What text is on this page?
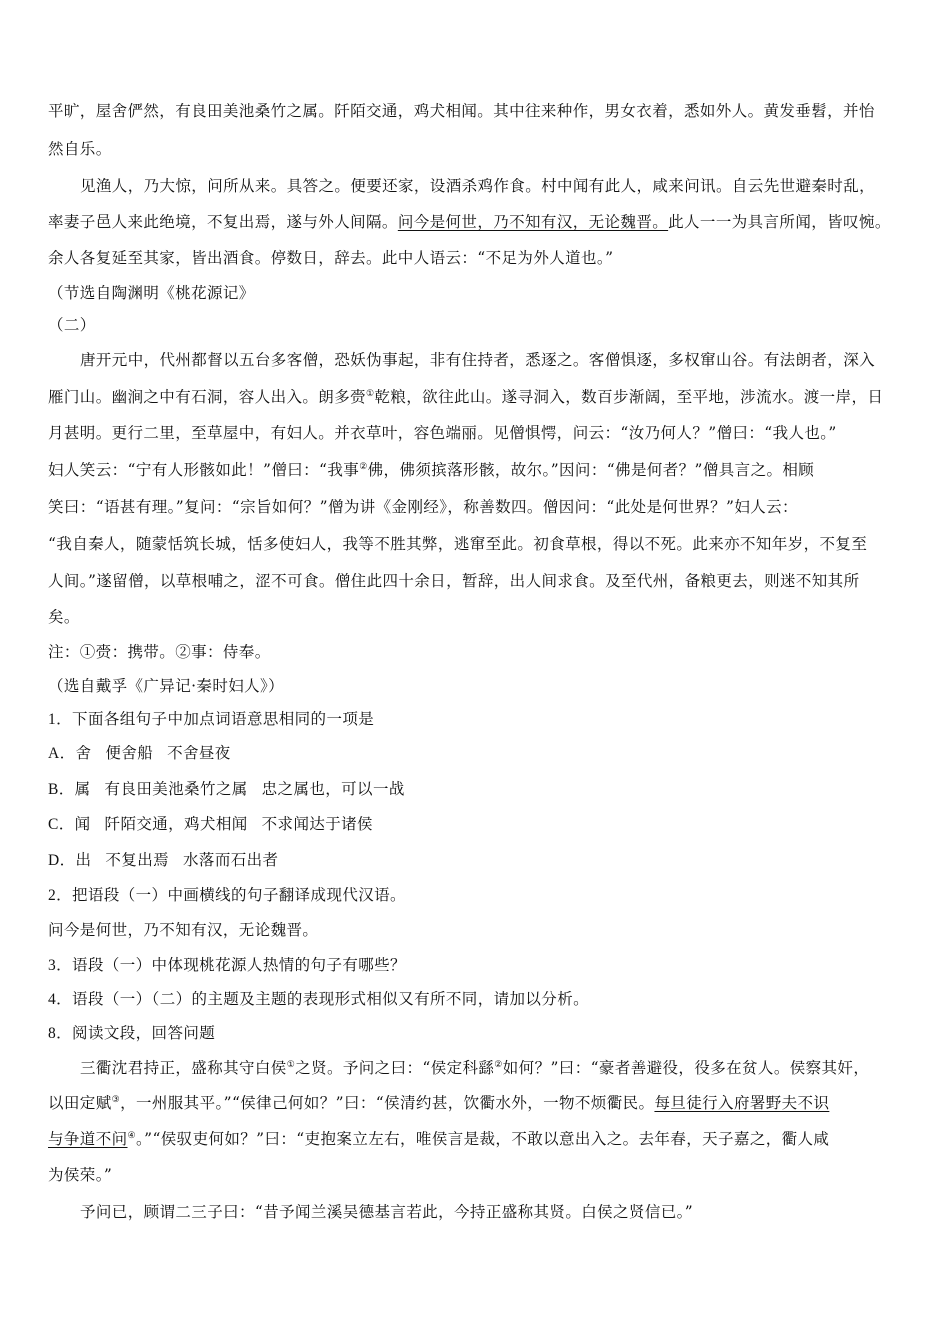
平旷，屋舍俨然，有良田美池桑竹之属。阡陌交通，鸡犬相闻。其中往来种作，男女衣着，悉如外人。黄发垂髫，并怡
然自乐。
见渔人，乃大惊，问所从来。具答之。便要还家，设酒杀鸡作食。村中闻有此人，咸来问讯。自云先世避秦时乱，
率妻子邑人来此绝境，不复出焉，遂与外人间隔。问今是何世，乃不知有汉，无论魏晋。此人一一为具言所闻，皆叹惋。
余人各复延至其家，皆出酒食。停数日，辞去。此中人语云：“不足为外人道也。”
（节选自陶渊明《桃花源记》
（二）
唐开元中，代州都督以五台多客僧，恐妖伪事起，非有住持者，悉逐之。客僧惧逐，多权窜山谷。有法朗者，深入
雁门山。幽涧之中有石洞，容人出入。朗多赍①乾粮，欲往此山。遂寻洞入，数百步渐阔，至平地，涉流水。渡一岸，日
月甚明。更行二里，至草屋中，有妇人。并衣草叶，容色端丽。见僧惧愕，问云：“汝乃何人？”僧曰：“我人也。”
妇人笑云：“宁有人形骸如此！”僧曰：“我事②佛，佛须摈落形骸，故尔。”因问：“佛是何者？”僧具言之。相顾
笑曰：“语甚有理。”复问：“宗旨如何？”僧为讲《金刚经》，称善数四。僧因问：“此处是何世界？”妇人云：
“我自秦人，随蒙恬筑长城，恬多使妇人，我等不胜其弊，逃窜至此。初食草根，得以不死。此来亦不知年岁，不复至
人间。”遂留僧，以草根哺之，涩不可食。僧住此四十余日，暂辞，出人间求食。及至代州，备粮更去，则迷不知其所
矣。
注：①赍：携带。②事：侍奉。
（选自戴孚《广异记·秦时妇人》）
1．下面各组句子中加点词语意思相同的一项是
A．舍 便舍船 不舍昼夜
B．属 有良田美池桑竹之属 忠之属也，可以一战
C．闻 阡陌交通，鸡犬相闻 不求闻达于诸侯
D．出 不复出焉 水落而石出者
2．把语段（一）中画横线的句子翻译成现代汉语。
问今是何世，乃不知有汉，无论魏晋。
3．语段（一）中体现桃花源人热情的句子有哪些？
4．语段（一）（二）的主题及主题的表现形式相似又有所不同，请加以分析。
8．阅读文段，回答问题
三衢沈君持正，盛称其守白侯①之贤。予问之曰：“侯定科繇②如何？”曰：“豪者善避役，役多在贫人。侯察其奸，
以田定赋③，一州服其平。”“侯律己何如？”曰：“侯清约甚，饮衢水外，一物不烦衢民。每旦徒行入府署野夫不识
与争道不问④。”“侯驭吏何如？”曰：“吏抱案立左右，唯侯言是裁，不敢以意出入之。去年春，天子嘉之，衢人咸
为侯荣。”
予问已，顾谓二三子曰：“昔予闻兰溪吴德基言若此，今持正盛称其贤。白侯之贤信已。”
